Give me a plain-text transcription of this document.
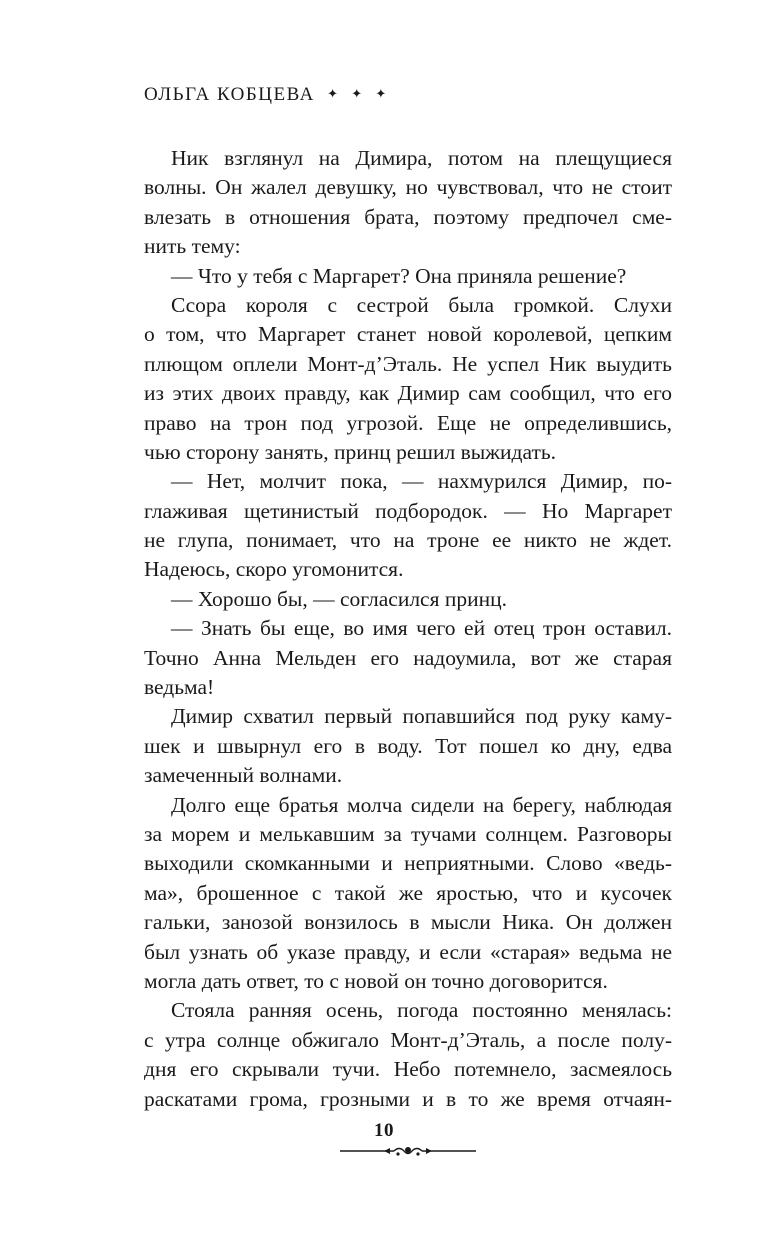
ОЛЬГА КОБЦЕВА ✦ ✦ ✦
Ник взглянул на Димира, потом на плещущиеся
волны. Он жалел девушку, но чувствовал, что не стоит
влезать в отношения брата, поэтому предпочел сме-
нить тему:
— Что у тебя с Маргарет? Она приняла решение?
Ссора короля с сестрой была громкой. Слухи
о том, что Маргарет станет новой королевой, цепким
плющом оплели Монт-д’Эталь. Не успел Ник выудить
из этих двоих правду, как Димир сам сообщил, что его
право на трон под угрозой. Еще не определившись,
чью сторону занять, принц решил выжидать.
— Нет, молчит пока, — нахмурился Димир, по-
глаживая щетинистый подбородок. — Но Маргарет
не глупа, понимает, что на троне ее никто не ждет.
Надеюсь, скоро угомонится.
— Хорошо бы, — согласился принц.
— Знать бы еще, во имя чего ей отец трон оставил.
Точно Анна Мельден его надоумила, вот же старая
ведьма!
Димир схватил первый попавшийся под руку каму-
шек и швырнул его в воду. Тот пошел ко дну, едва
замеченный волнами.
Долго еще братья молча сидели на берегу, наблюдая
за морем и мелькавшим за тучами солнцем. Разговоры
выходили скомканными и неприятными. Слово «ведь-
ма», брошенное с такой же яростью, что и кусочек
гальки, занозой вонзилось в мысли Ника. Он должен
был узнать об указе правду, и если «старая» ведьма не
могла дать ответ, то с новой он точно договорится.
Стояла ранняя осень, погода постоянно менялась:
с утра солнце обжигало Монт-д’Эталь, а после полу-
дня его скрывали тучи. Небо потемнело, засмеялось
раскатами грома, грозными и в то же время отчаян-
10
